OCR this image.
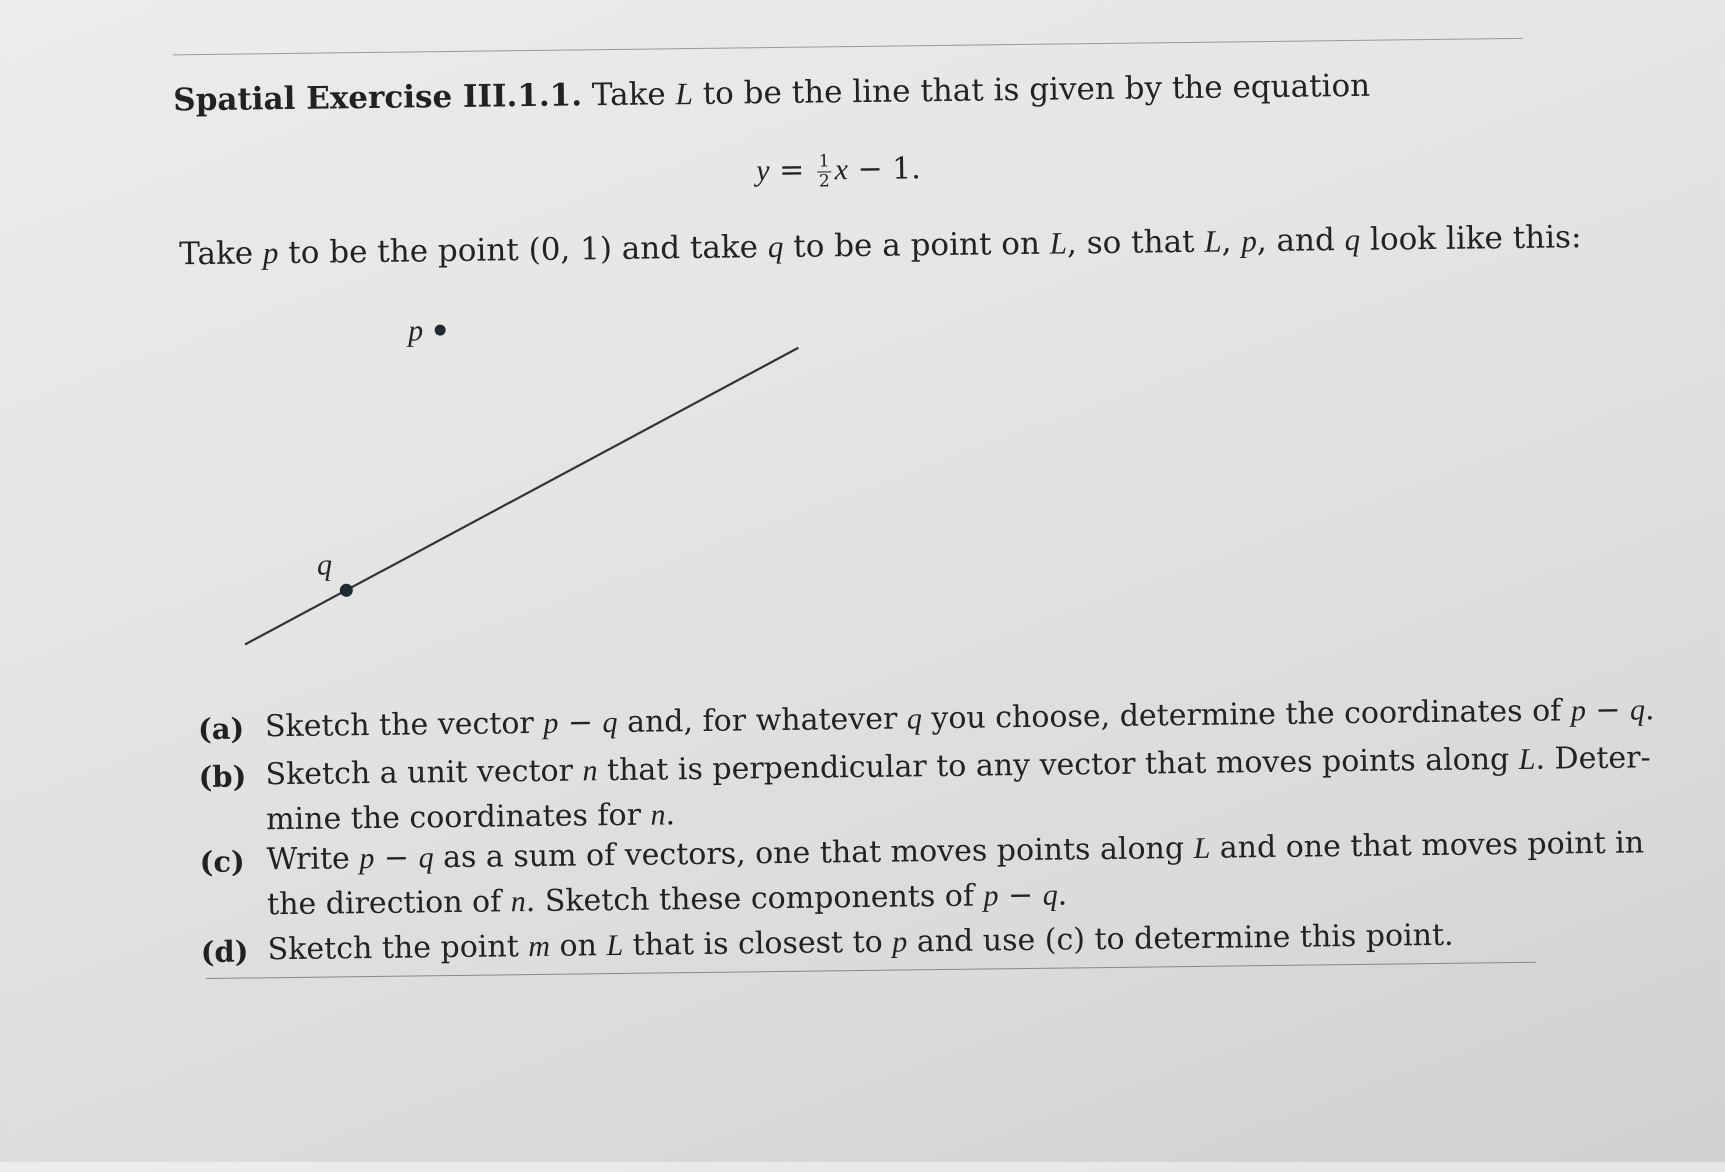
Spatial Exercise III.1.1. Take L to be the line that is given by the equation
$y = \frac{1}{2}$ x − 1.
Take p to be the point (0, 1) and take q to be a point on L, so that L, p, and q look like this:
p
q
(a) Sketch the vector p − q and, for whatever q you choose, determine the coordinates of p − q.
(b) Sketch a unit vector n that is perpendicular to any vector that moves points along L. Deter-
mine the coordinates for n.
(c) Write p − q as a sum of vectors, one that moves points along L and one that moves point in
the direction of n. Sketch these components of p − q.
(d) Sketch the point m on L that is closest to p and use (c) to determine this point.
